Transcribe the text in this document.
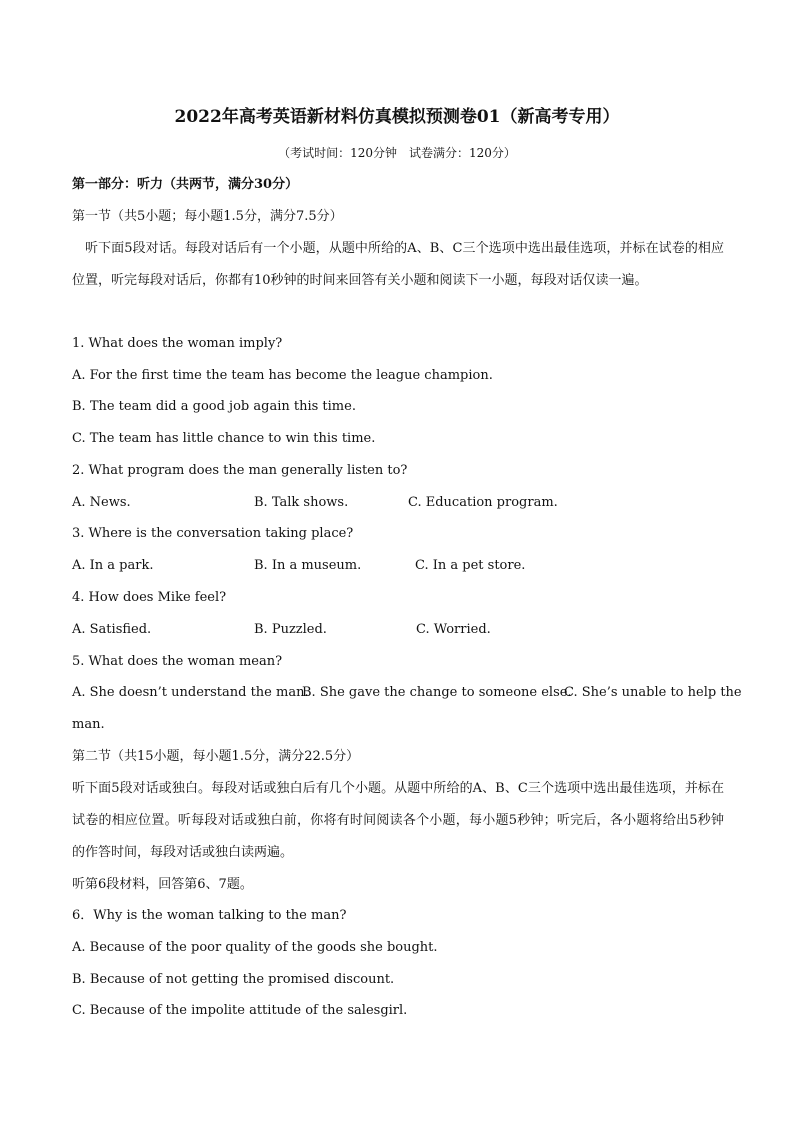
2022年高考英语新材料仿真模拟预测卷01（新高考专用）
（考试时间：120分钟　试卷满分：120分）
第一部分：听力（共两节，满分30分）
第一节（共5小题；每小题1.5分，满分7.5分）
听下面5段对话。每段对话后有一个小题，从题中所给的A、B、C三个选项中选出最佳选项，并标在试卷的相应位置，听完每段对话后，你都有10秒钟的时间来回答有关小题和阅读下一小题，每段对话仅读一遍。
1. What does the woman imply?
A. For the first time the team has become the league champion.
B. The team did a good job again this time.
C. The team has little chance to win this time.
2. What program does the man generally listen to?
A. News.	B. Talk shows.	C. Education program.
3. Where is the conversation taking place?
A. In a park.	B. In a museum.	C. In a pet store.
4. How does Mike feel?
A. Satisfied.	B. Puzzled.	C. Worried.
5. What does the woman mean?
A. She doesn’t understand the man.
B. She gave the change to someone else.
C. She’s unable to help the
man.
第二节（共15小题，每小题1.5分，满分22.5分）
听下面5段对话或独白。每段对话或独白后有几个小题。从题中所给的A、B、C三个选项中选出最佳选项，并标在试卷的相应位置。听每段对话或独白前，你将有时间阅读各个小题，每小题5秒钟；听完后，各小题将给出5秒钟的作答时间，每段对话或独白读两遍。
听第6段材料，回答第6、7题。
6．Why is the woman talking to the man?
A. Because of the poor quality of the goods she bought.
B. Because of not getting the promised discount.
C. Because of the impolite attitude of the salesgirl.
